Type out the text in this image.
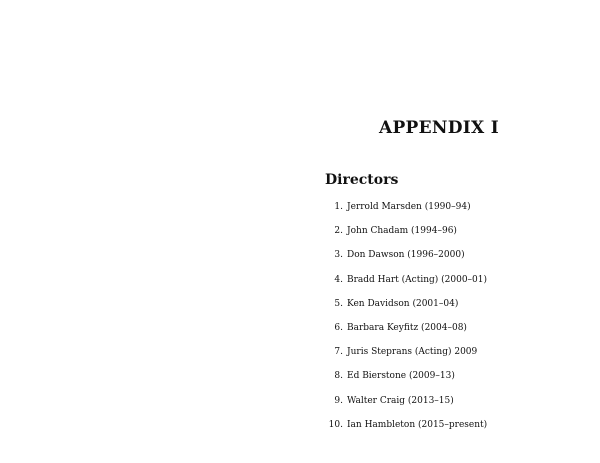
APPENDIX I
Directors
1. Jerrold Marsden (1990–94)
2. John Chadam (1994–96)
3. Don Dawson (1996–2000)
4. Bradd Hart (Acting) (2000–01)
5. Ken Davidson (2001–04)
6. Barbara Keyfitz (2004–08)
7. Juris Steprans (Acting) 2009
8. Ed Bierstone (2009–13)
9. Walter Craig (2013–15)
10. Ian Hambleton (2015–present)
